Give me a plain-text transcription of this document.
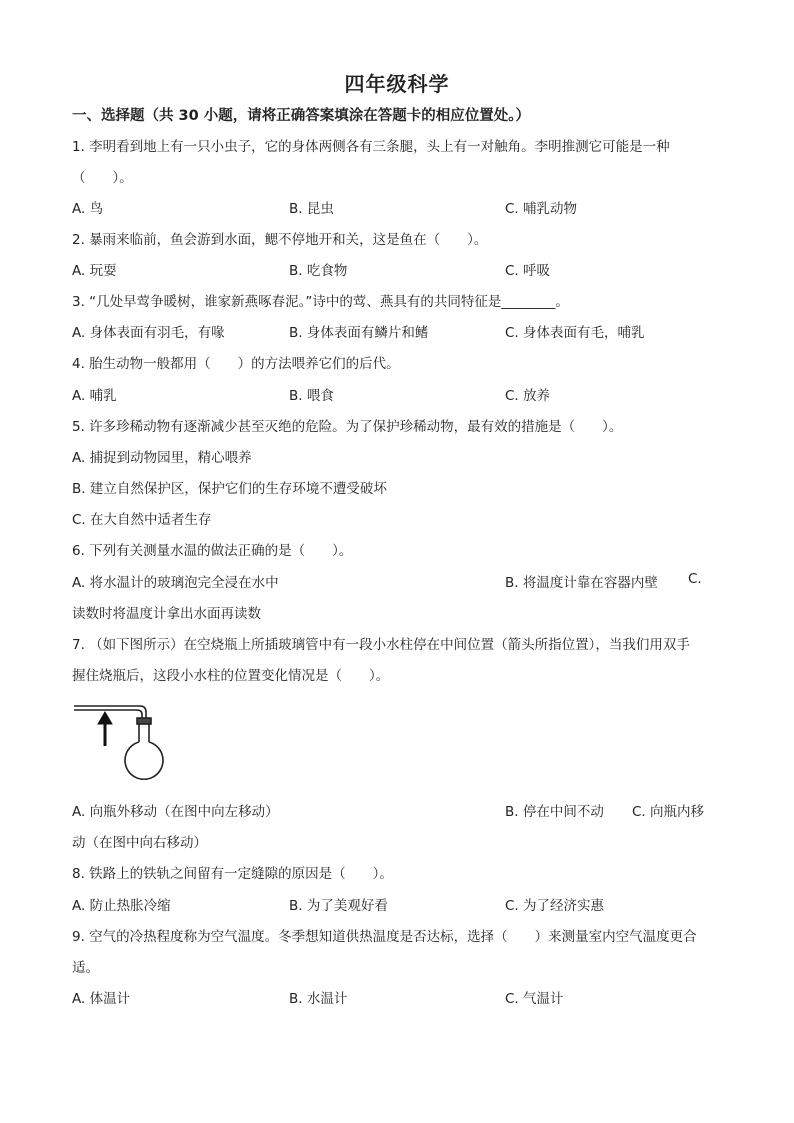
四年级科学
一、选择题（共 30 小题，请将正确答案填涂在答题卡的相应位置处。）
1. 李明看到地上有一只小虫子，它的身体两侧各有三条腿，头上有一对触角。李明推测它可能是一种
（　　）。
A. 鸟	B. 昆虫	C. 哺乳动物
2. 暴雨来临前，鱼会游到水面，鳃不停地开和关，这是鱼在（　　）。
A. 玩耍	B. 吃食物	C. 呼吸
3. “几处早莺争暖树，谁家新燕啄春泥。”诗中的莺、燕具有的共同特征是________。
A. 身体表面有羽毛，有喙	B. 身体表面有鳞片和鳍	C. 身体表面有毛，哺乳
4. 胎生动物一般都用（　　）的方法喂养它们的后代。
A. 哺乳	B. 喂食	C. 放养
5. 许多珍稀动物有逐渐减少甚至灭绝的危险。为了保护珍稀动物，最有效的措施是（　　）。
A. 捕捉到动物园里，精心喂养
B. 建立自然保护区，保护它们的生存环境不遭受破坏
C. 在大自然中适者生存
6. 下列有关测量水温的做法正确的是（　　）。
A. 将水温计的玻璃泡完全浸在水中	B. 将温度计靠在容器内壁 C.
读数时将温度计拿出水面再读数
7. （如下图所示）在空烧瓶上所插玻璃管中有一段小水柱停在中间位置（箭头所指位置），当我们用双手
握住烧瓶后，这段小水柱的位置变化情况是（　　）。
A. 向瓶外移动（在图中向左移动）	B. 停在中间不动 C. 向瓶内移
动（在图中向右移动）
8. 铁路上的铁轨之间留有一定缝隙的原因是（　　）。
A. 防止热胀冷缩	B. 为了美观好看	C. 为了经济实惠
9. 空气的冷热程度称为空气温度。冬季想知道供热温度是否达标，选择（　　）来测量室内空气温度更合
适。
A. 体温计	B. 水温计	C. 气温计
